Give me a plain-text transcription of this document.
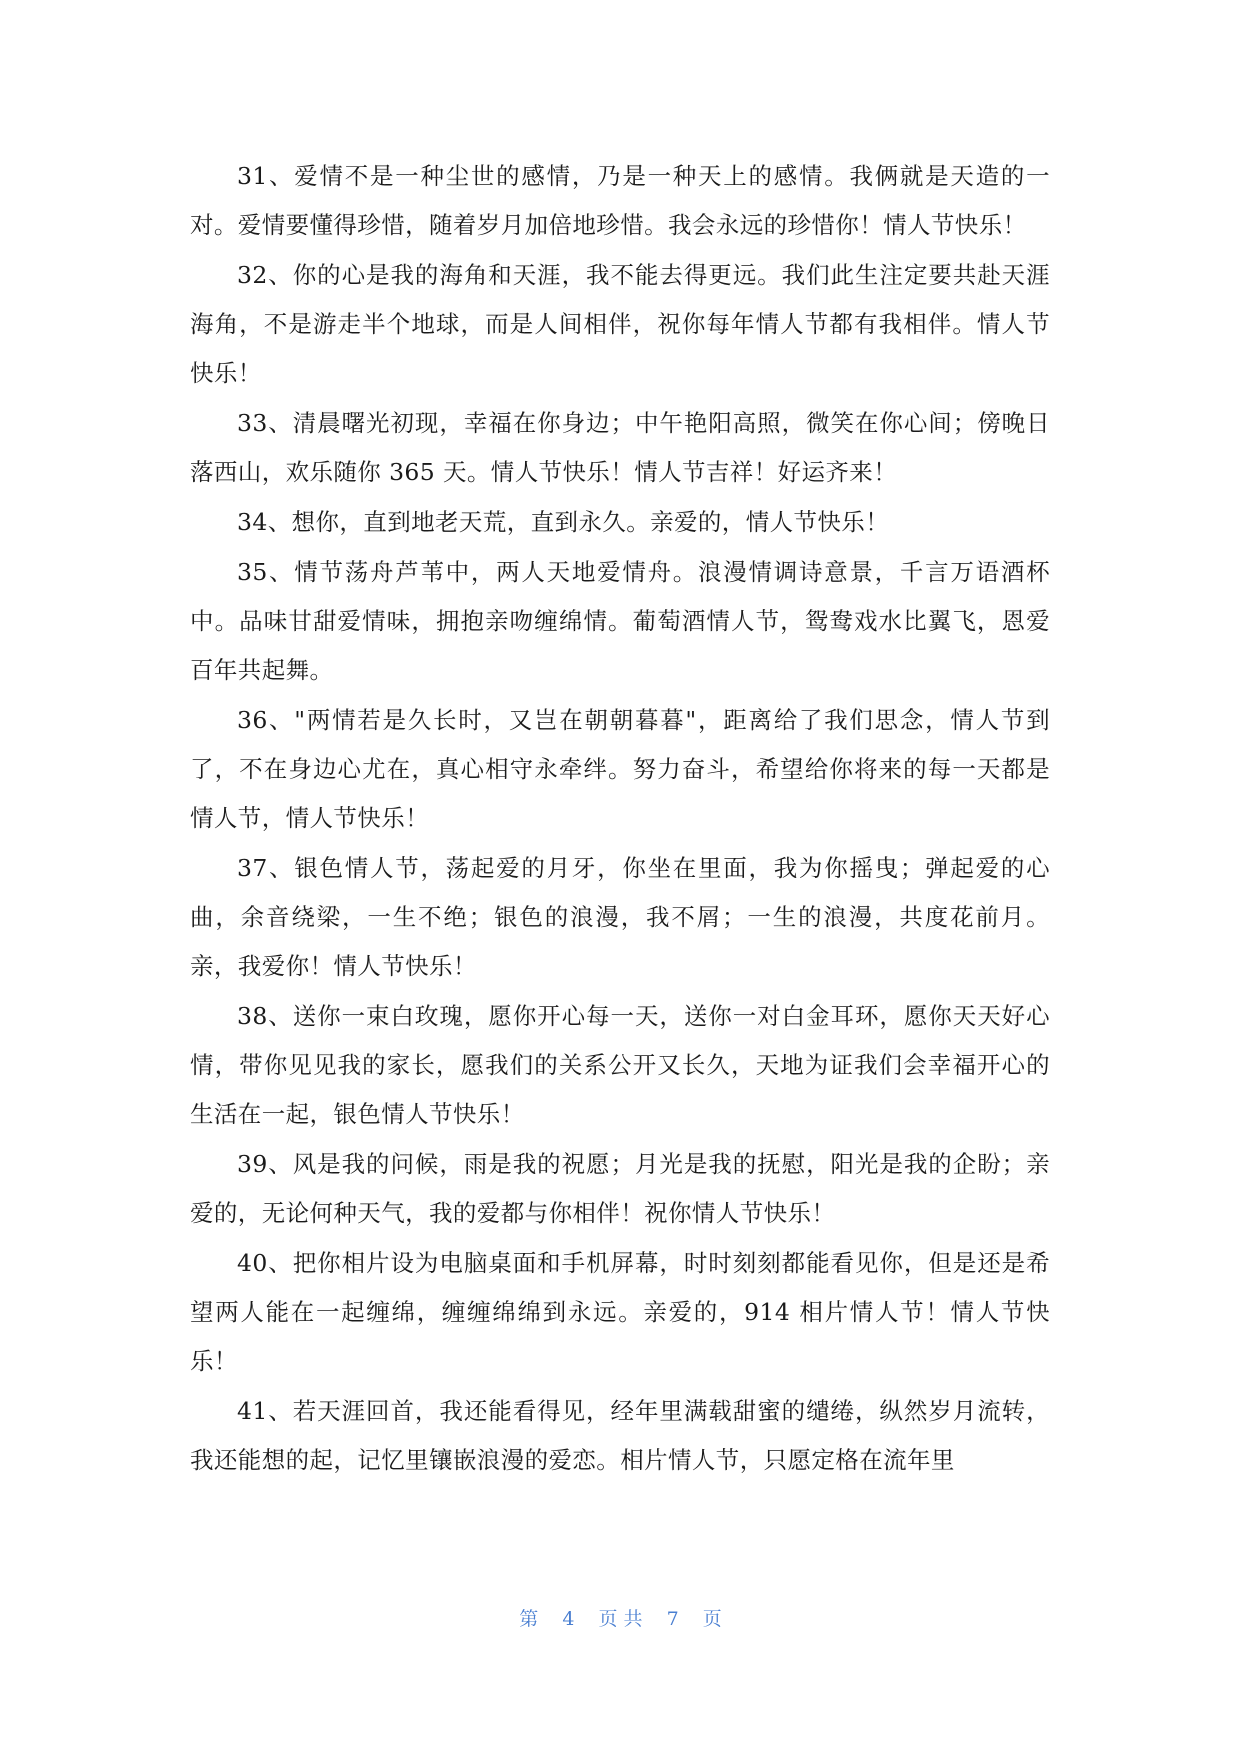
31、爱情不是一种尘世的感情，乃是一种天上的感情。我俩就是天造的一对。爱情要懂得珍惜，随着岁月加倍地珍惜。我会永远的珍惜你！情人节快乐！

32、你的心是我的海角和天涯，我不能去得更远。我们此生注定要共赴天涯海角，不是游走半个地球，而是人间相伴，祝你每年情人节都有我相伴。情人节快乐！

33、清晨曙光初现，幸福在你身边；中午艳阳高照，微笑在你心间；傍晚日落西山，欢乐随你 365 天。情人节快乐！情人节吉祥！好运齐来！

34、想你，直到地老天荒，直到永久。亲爱的，情人节快乐！

35、情节荡舟芦苇中，两人天地爱情舟。浪漫情调诗意景，千言万语酒杯中。品味甘甜爱情味，拥抱亲吻缠绵情。葡萄酒情人节，鸳鸯戏水比翼飞，恩爱百年共起舞。

36、"两情若是久长时，又岂在朝朝暮暮"，距离给了我们思念，情人节到了，不在身边心尤在，真心相守永牵绊。努力奋斗，希望给你将来的每一天都是情人节，情人节快乐！

37、银色情人节，荡起爱的月牙，你坐在里面，我为你摇曳；弹起爱的心曲，余音绕梁，一生不绝；银色的浪漫，我不屑；一生的浪漫，共度花前月。亲，我爱你！情人节快乐！

38、送你一束白玫瑰，愿你开心每一天，送你一对白金耳环，愿你天天好心情，带你见见我的家长，愿我们的关系公开又长久，天地为证我们会幸福开心的生活在一起，银色情人节快乐！

39、风是我的问候，雨是我的祝愿；月光是我的抚慰，阳光是我的企盼；亲爱的，无论何种天气，我的爱都与你相伴！祝你情人节快乐！

40、把你相片设为电脑桌面和手机屏幕，时时刻刻都能看见你，但是还是希望两人能在一起缠绵，缠缠绵绵到永远。亲爱的，914 相片情人节！情人节快乐！

41、若天涯回首，我还能看得见，经年里满载甜蜜的缱绻，纵然岁月流转，我还能想的起，记忆里镶嵌浪漫的爱恋。相片情人节，只愿定格在流年里

第 4 页 共 7 页
